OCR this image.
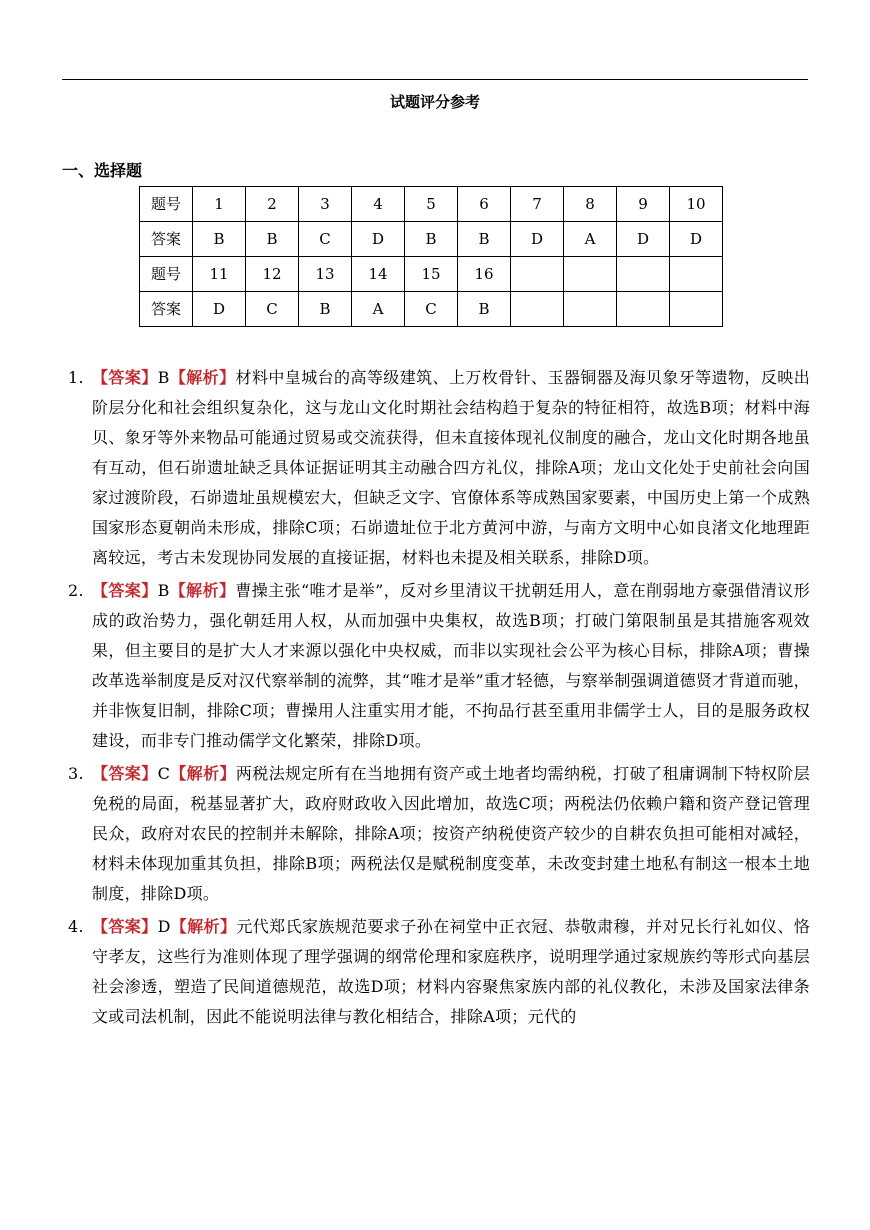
试题评分参考
一、选择题
题号	1	2	3	4	5	6	7	8	9	10
答案	B	B	C	D	B	B	D	A	D	D
题号	11	12	13	14	15	16				
答案	D	C	B	A	C	B				
1. 【答案】B【解析】材料中皇城台的高等级建筑、上万枚骨针、玉器铜器及海贝象牙等遗物，反映出阶层分化和社会组织复杂化，这与龙山文化时期社会结构趋于复杂的特征相符，故选B项；材料中海贝、象牙等外来物品可能通过贸易或交流获得，但未直接体现礼仪制度的融合，龙山文化时期各地虽有互动，但石峁遗址缺乏具体证据证明其主动融合四方礼仪，排除A项；龙山文化处于史前社会向国家过渡阶段，石峁遗址虽规模宏大，但缺乏文字、官僚体系等成熟国家要素，中国历史上第一个成熟国家形态夏朝尚未形成，排除C项；石峁遗址位于北方黄河中游，与南方文明中心如良渚文化地理距离较远，考古未发现协同发展的直接证据，材料也未提及相关联系，排除D项。
2. 【答案】B【解析】曹操主张“唯才是举”，反对乡里清议干扰朝廷用人，意在削弱地方豪强借清议形成的政治势力，强化朝廷用人权，从而加强中央集权，故选B项；打破门第限制虽是其措施客观效果，但主要目的是扩大人才来源以强化中央权威，而非以实现社会公平为核心目标，排除A项；曹操改革选举制度是反对汉代察举制的流弊，其“唯才是举”重才轻德，与察举制强调道德贤才背道而驰，并非恢复旧制，排除C项；曹操用人注重实用才能，不拘品行甚至重用非儒学士人，目的是服务政权建设，而非专门推动儒学文化繁荣，排除D项。
3. 【答案】C【解析】两税法规定所有在当地拥有资产或土地者均需纳税，打破了租庸调制下特权阶层免税的局面，税基显著扩大，政府财政收入因此增加，故选C项；两税法仍依赖户籍和资产登记管理民众，政府对农民的控制并未解除，排除A项；按资产纳税使资产较少的自耕农负担可能相对减轻，材料未体现加重其负担，排除B项；两税法仅是赋税制度变革，未改变封建土地私有制这一根本土地制度，排除D项。
4. 【答案】D【解析】元代郑氏家族规范要求子孙在祠堂中正衣冠、恭敬肃穆，并对兄长行礼如仪、恪守孝友，这些行为准则体现了理学强调的纲常伦理和家庭秩序，说明理学通过家规族约等形式向基层社会渗透，塑造了民间道德规范，故选D项；材料内容聚焦家族内部的礼仪教化，未涉及国家法律条文或司法机制，因此不能说明法律与教化相结合，排除A项；元代的
